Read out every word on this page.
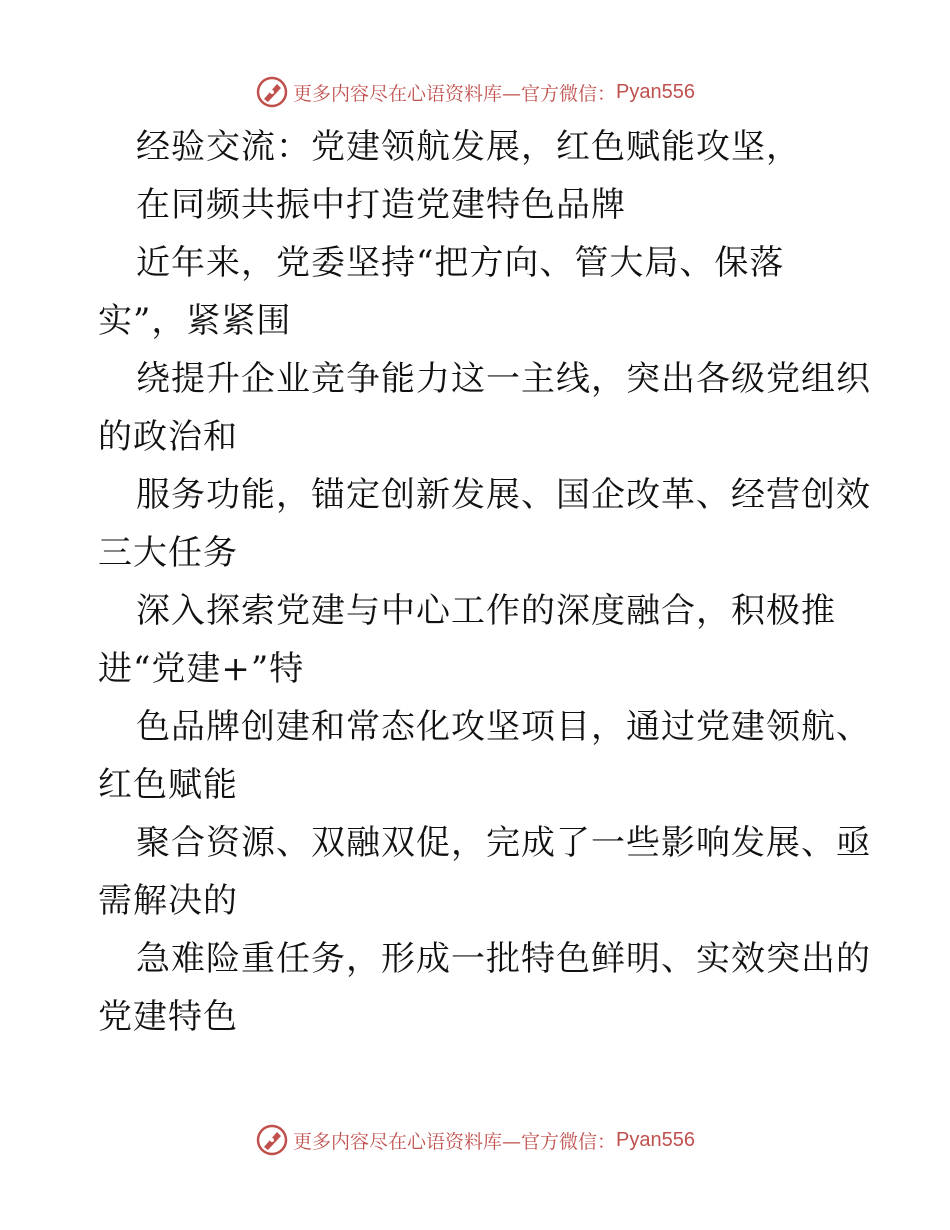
更多内容尽在心语资料库—官方微信： Pyan556
经验交流：党建领航发展，红色赋能攻坚，
在同频共振中打造党建特色品牌
近年来，党委坚持“把方向、管大局、保落
实”，紧紧围
绕提升企业竞争能力这一主线，突出各级党组织
的政治和
服务功能，锚定创新发展、国企改革、经营创效
三大任务
深入探索党建与中心工作的深度融合，积极推
进“党建+”特
色品牌创建和常态化攻坚项目，通过党建领航、
红色赋能
聚合资源、双融双促，完成了一些影响发展、亟
需解决的
急难险重任务，形成一批特色鲜明、实效突出的
党建特色
更多内容尽在心语资料库—官方微信： Pyan556
